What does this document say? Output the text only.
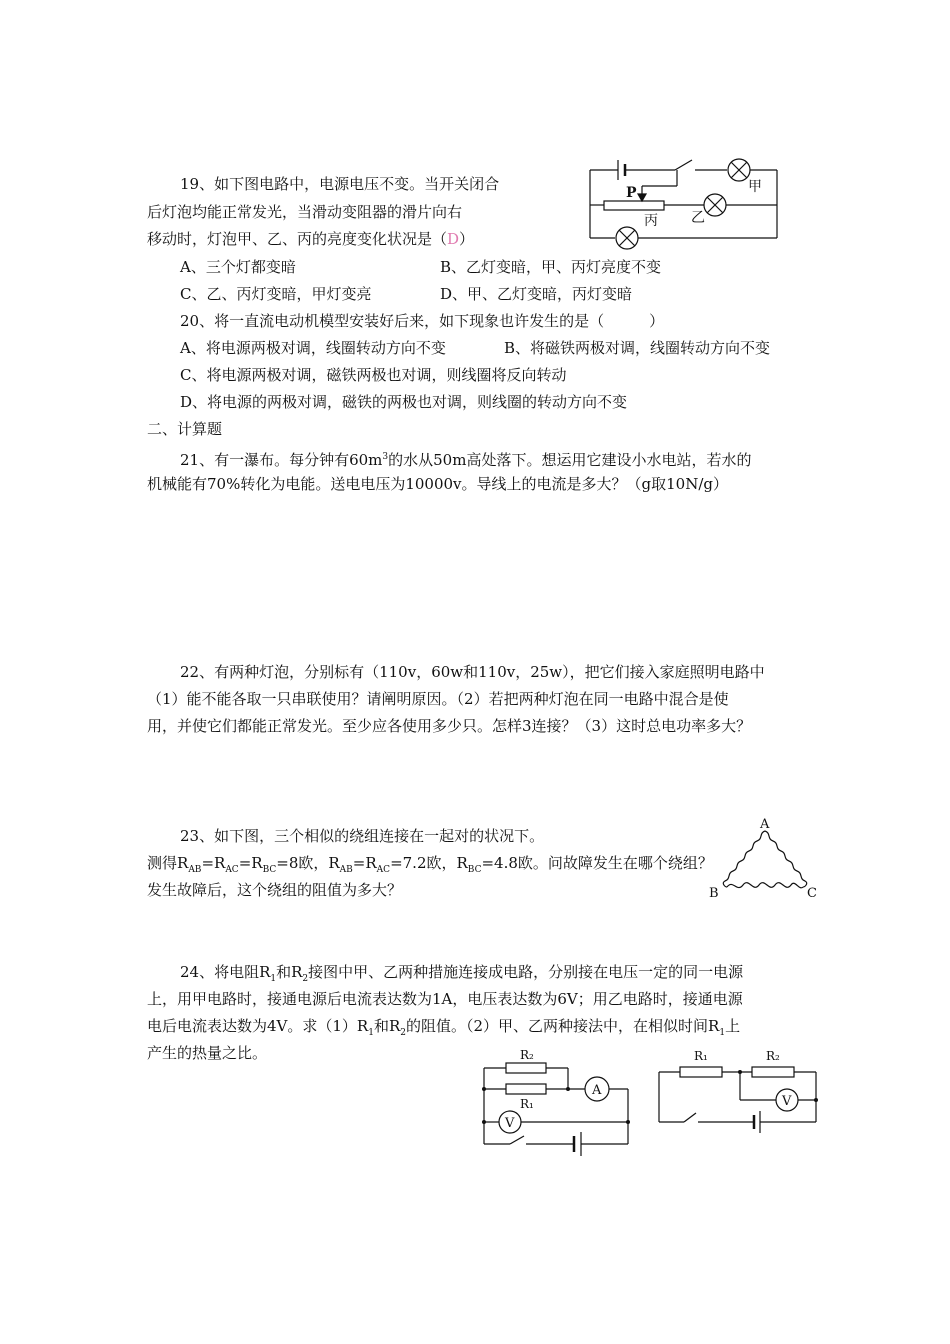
19、如下图电路中，电源电压不变。当开关闭合
后灯泡均能正常发光，当滑动变阻器的滑片向右
移动时，灯泡甲、乙、丙的亮度变化状况是（D）
A、三个灯都变暗	B、乙灯变暗，甲、丙灯亮度不变
C、乙、丙灯变暗，甲灯变亮	D、甲、乙灯变暗，丙灯变暗
P	甲
乙
丙
20、将一直流电动机模型安装好后来，如下现象也许发生的是（　　　）
A、将电源两极对调，线圈转动方向不变	B、将磁铁两极对调，线圈转动方向不变
C、将电源两极对调，磁铁两极也对调，则线圈将反向转动
D、将电源的两极对调，磁铁的两极也对调，则线圈的转动方向不变
二、计算题
21、有一瀑布。每分钟有$60m^3$的水从50m高处落下。想运用它建设小水电站，若水的
机械能有70%转化为电能。送电电压为10000v。导线上的电流是多大？（g取10N/g）
22、有两种灯泡，分别标有（110v，60w和110v，25w），把它们接入家庭照明电路中
（1）能不能各取一只串联使用？请阐明原因。（2）若把两种灯泡在同一电路中混合是使
用，并使它们都能正常发光。至少应各使用多少只。怎样3连接？（3）这时总电功率多大？
23、如下图，三个相似的绕组连接在一起对的状况下。
测得$R_{AB}=R_{AC}=R_{BC}=8$欧，$R_{AB}=R_{AC}=7.2$欧，$R_{BC}=4.8$欧。问故障发生在哪个绕组？
发生故障后，这个绕组的阻值为多大？
A
B	C
24、将电阻$R_1$和$R_2$接图中甲、乙两种措施连接成电路，分别接在电压一定的同一电源
上，用甲电路时，接通电源后电流表达数为1A，电压表达数为6V；用乙电路时，接通电源
电后电流表达数为4V。求$(1)R_1$和$R_2$的阻值。（2）甲、乙两种接法中，在相似时间$R_1$上
产生的热量之比。	R₂
R₁
A
V
R₁	R₂
V
